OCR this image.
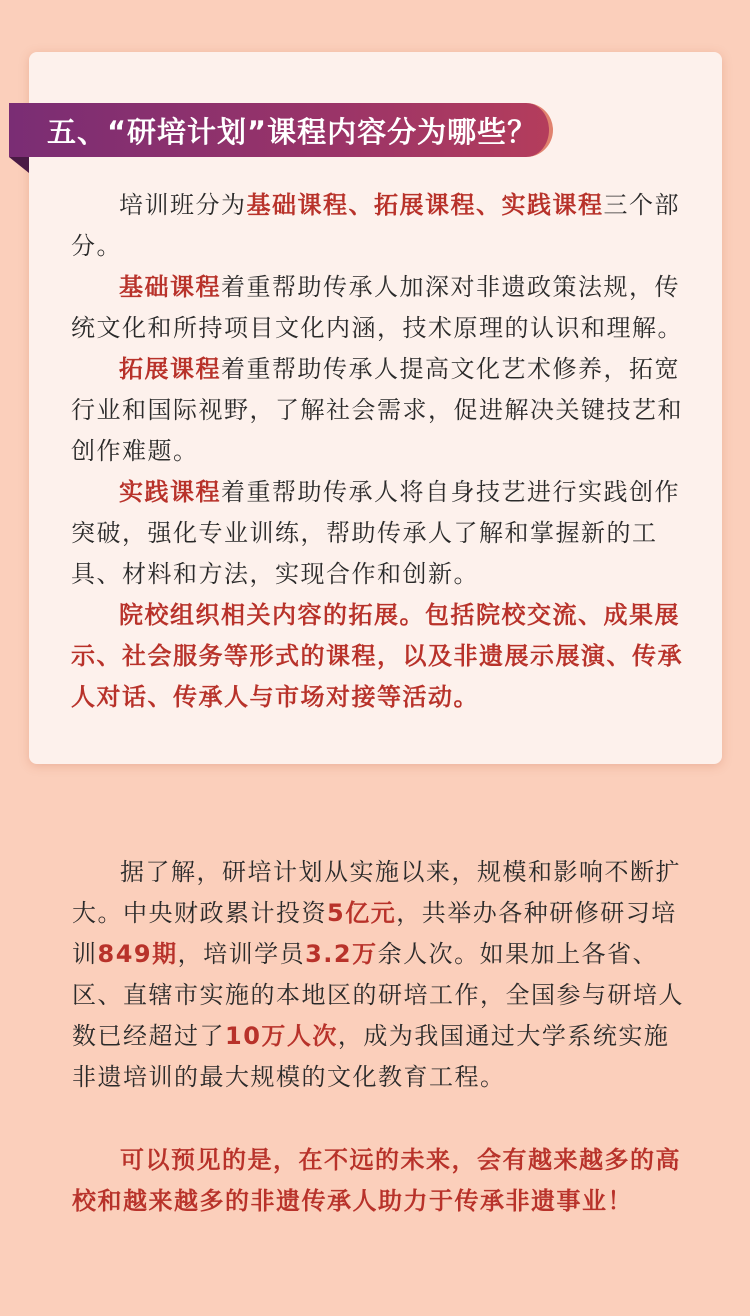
五、“研培计划”课程内容分为哪些？

培训班分为基础课程、拓展课程、实践课程三个部分。

基础课程着重帮助传承人加深对非遗政策法规，传统文化和所持项目文化内涵，技术原理的认识和理解。

拓展课程着重帮助传承人提高文化艺术修养，拓宽行业和国际视野，了解社会需求，促进解决关键技艺和创作难题。

实践课程着重帮助传承人将自身技艺进行实践创作突破，强化专业训练，帮助传承人了解和掌握新的工具、材料和方法，实现合作和创新。

院校组织相关内容的拓展。包括院校交流、成果展示、社会服务等形式的课程，以及非遗展示展演、传承人对话、传承人与市场对接等活动。

据了解，研培计划从实施以来，规模和影响不断扩大。中央财政累计投资5亿元，共举办各种研修研习培训849期，培训学员3.2万余人次。如果加上各省、区、直辖市实施的本地区的研培工作，全国参与研培人数已经超过了10万人次，成为我国通过大学系统实施非遗培训的最大规模的文化教育工程。

可以预见的是，在不远的未来，会有越来越多的高校和越来越多的非遗传承人助力于传承非遗事业！
